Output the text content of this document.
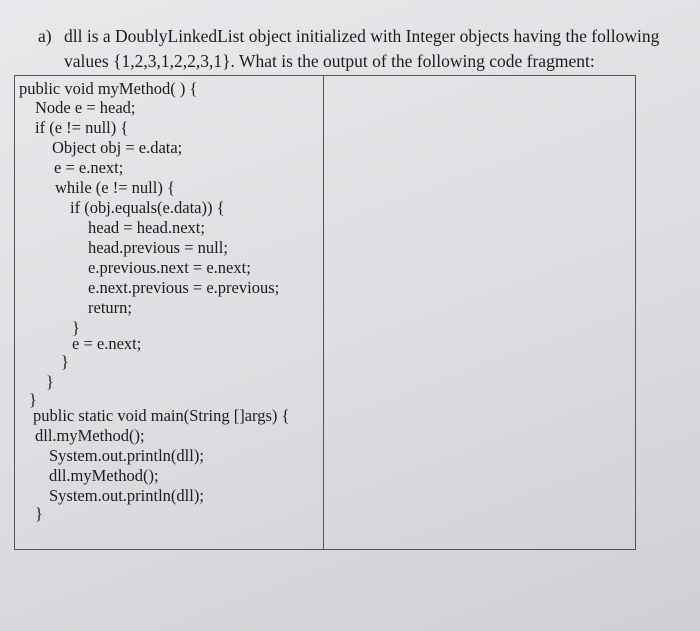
a) dll is a DoublyLinkedList object initialized with Integer objects having the following
values {1,2,3,1,2,2,3,1}. What is the output of the following code fragment:
public void myMethod( ) {
Node e = head;
if (e != null) {
Object obj = e.data;
e = e.next;
while (e != null) {
if (obj.equals(e.data)) {
head = head.next;
head.previous = null;
e.previous.next = e.next;
e.next.previous = e.previous;
return;
}
e = e.next;
}
}
}
public static void main(String []args) {
dll.myMethod();
System.out.println(dll);
dll.myMethod();
System.out.println(dll);
}
